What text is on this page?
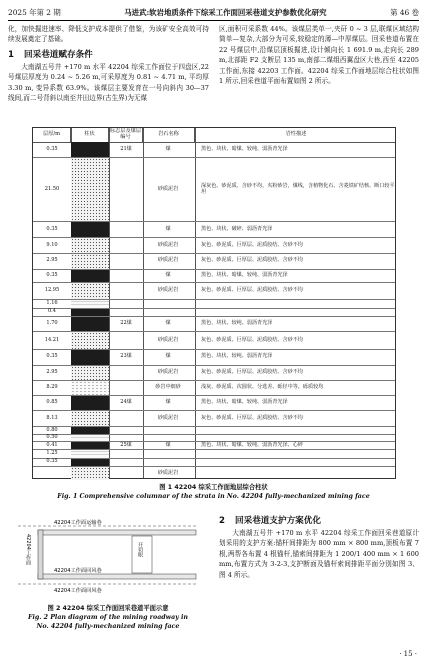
2025 年第 2 期	马进武:软岩地质条件下综采工作面回采巷道支护参数优化研究	第 46 卷

化，加快掘进速率、降低支护成本提供了借鉴，为该矿安全高效可持续发展奠定了基础。

1	回采巷道赋存条件

大南湖五号井 +170 m 水平 42204 综采工作面位于四盘区,22 号煤层厚度为 0.24 ~ 5.26 m,可采厚度为 0.81 ~ 4.71 m, 平均厚 3.30 m, 变异系数 63.9%。该煤层主要发育在一号向斜内 30—37 线间,而二号背斜以南至井田边界(古生界)为无煤

区,面积可采系数 44%。该煤层类单一,夹矸 0 ~ 3 层,联煤区域结构简单—复杂,大部分为可采,较稳定的薄—中厚煤层。回采巷道布置在 22 号煤层中,沿煤层顶板掘进,设计倾向长 1 691.9 m,走向长 289 m,北部距 F2 支断层 135 m,南部二煤组西翼盘区大巷,西至 42205 工作面,东接 42203 工作面。42204 综采工作面地层综合柱状如图 1 所示,回采巷道平面布置如图 2 所示。

层厚/m	柱状	标志层及煤层编号	岩石名称	岩性描述
0.35	21煤	煤	黑色、块状、暗煤、较纯、弱沥青光泽
21.50	砂质泥岩	深灰色、砂泥质、含砂不均、夹粉砂岩，煤线，含植物化石、含菱铁矿结核、断口较平坦
0.35	煤	黑色、块状、破碎、弱沥青光泽
9.10	砂质泥岩	灰色、砂泥质、巨厚层、泥质胶结、含砂不均
2.95	砂质泥岩	灰色、砂泥质、巨厚层、泥质胶结、含砂不均
0.35	煤	黑色、块状、暗煤、较纯、弱沥青光泽
12.95	砂质泥岩	灰色、砂泥质、巨厚层、泥质胶结、含砂不均
1.16
0.4
1.70	22煤	煤	黑色、块状、较纯、弱沥青光泽
14.21	砂质泥岩	灰色、砂泥质、巨厚层、泥质胶结、含砂不均
0.35	23煤	煤	黑色、块状、较纯、弱沥青光泽
2.95	砂质泥岩	灰色、砂泥质、巨厚层、泥质胶结、含砂不均
8.29	砂岩中细砂	浅灰、砂泥质、次圆状、分选差、砾径中等、砾质较均
0.85	24煤	煤	黑色、块状、暗煤、较纯、弱沥青光泽
8.13	砂质泥岩	灰色、砂泥质、巨厚层、泥质胶结、含砂不均
0.80
0.50
0.41	25煤	煤	黑色、块状、暗煤、较纯、弱沥青光泽、心碎
1.25
0.35
砂质泥岩
图 1 42204 综采工作面地层综合柱状
Fig. 1 Comprehensive columnar of the strata in No. 42204 fully-mechanized mining face
42204工作面运输巷
42204工作面回风巷
开切眼
42204工作面
42204工作面回风巷
图 2 42204 综采工作面回采巷道平面示意
Fig. 2 Plan diagram of the mining roadway in
No. 42204 fully-mechanized mining face
2	回采巷道支护方案优化

大南湖五号井 +170 m 水平 42204 综采工作面回采巷道原计划采用的支护方案:锚杆间排距为 800 mm × 800 mm,顶板布置 7 根,两帮各布置 4 根锚杆,锚索间排距为 1 200/1 400 mm × 1 600 mm,布置方式为 3-2-3,支护断面及锚杆索间排距平面分别如图 3、图 4 所示。

· 15 ·
